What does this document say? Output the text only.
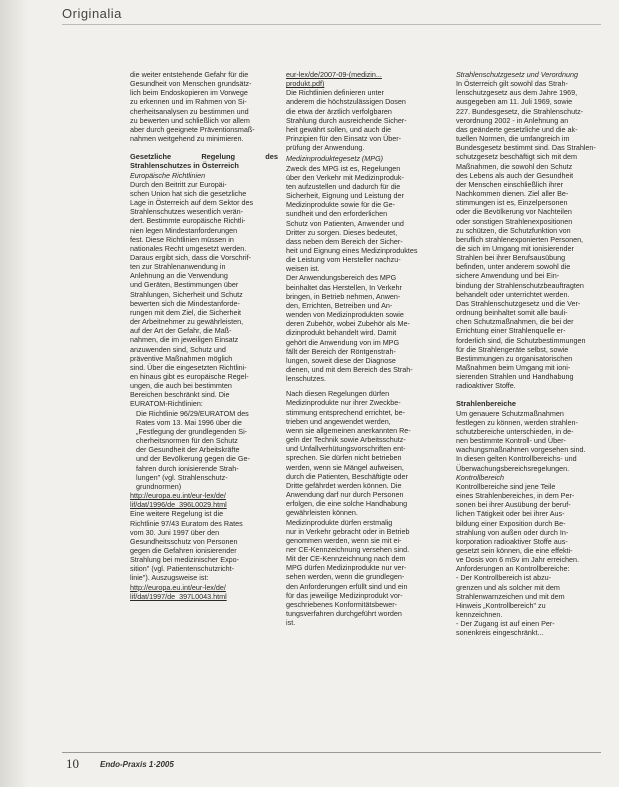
Originalia
die weiter entstehende Gefahr für die
Gesundheit von Menschen grundsätz-
lich beim Endoskopieren im Vorwege
zu erkennen und im Rahmen von Si-
cherheitsanalysen zu bestimmen und
zu bewerten und schließlich vor allem
aber durch geeignete Präventionsmaß-
nahmen weitgehend zu minimieren.
Gesetzliche Regelung des Strahlenschutzes in Österreich
Europäische Richtlinien
Durch den Beitritt zur Europäi-
schen Union hat sich die gesetzliche
Lage in Österreich auf dem Sektor des
Strahlenschutzes wesentlich verän-
dert. Bestimmte europäische Richtli-
nien legen Mindestanforderungen
fest. Diese Richtlinien müssen in
nationales Recht umgesetzt werden.
Daraus ergibt sich, dass die Vorschrif-
ten zur Strahlenanwendung in
Anlehnung an die Verwendung
und Geräten, Bestimmungen über
Strahlungen, Sicherheit und Schutz
bewerten sich die Mindestanforde-
rungen mit dem Ziel, die Sicherheit
der Arbeitnehmer zu gewährleisten,
auf der Art der Gefahr, die Maß-
nahmen, die im jeweiligen Einsatz
anzuwenden sind, Schutz und
präventive Maßnahmen möglich
sind. Über die eingesetzten Richtlini-
en hinaus gibt es europäische Regel-
ungen, die auch bei bestimmten
Bereichen beschränkt sind. Die
EURATOM-Richtlinien:
Die Richtlinie 96/29/EURATOM des
Rates vom 13. Mai 1996 über die
„Festlegung der grundlegenden Si-
cherheitsnormen für den Schutz
der Gesundheit der Arbeitskräfte
und der Bevölkerung gegen die Ge-
fahren durch ionisierende Strah-
lungen" (vgl. Strahlenschutz-
grundnormen)
http://europa.eu.int/eur-lex/de/
lif/dat/1996/de_396L0029.html
Eine weitere Regelung ist die
Richtlinie 97/43 Euratom des Rates
vom 30. Juni 1997 über den
Gesundheitsschutz von Personen
gegen die Gefahren ionisierender
Strahlung bei medizinischer Expo-
sition" (vgl. Patientenschutzricht-
linie"). Auszugsweise ist:
http://europa.eu.int/eur-lex/de/
lif/dat/1997/de_397L0043.html
eur-lex/de/2007-09-(medizin...
produkt.pdf)
Die Richtlinien definieren unter
anderem die höchstzulässigen Dosen
die etwa der ärztlich verfolgbaren
Strahlung durch ausreichende Sicher-
heit gewährt sollen, und auch die
Prinzipien für den Einsatz von Über-
prüfung der Anwendung.
Medizinproduktegesetz (MPG)
Zweck des MPG ist es, Regelungen
über den Verkehr mit Medizinproduk-
ten aufzustellen und dadurch für die
Sicherheit, Eignung und Leistung der
Medizinprodukte sowie für die Ge-
sundheit und den erforderlichen
Schutz von Patienten, Anwender und
Dritter zu sorgen. Dieses bedeutet,
dass neben dem Bereich der Sicher-
heit und Eignung eines Medizinproduktes
die Leistung vom Hersteller nachzu-
weisen ist.
Der Anwendungsbereich des MPG
beinhaltet das Herstellen, In Verkehr
bringen, in Betrieb nehmen, Anwen-
den, Errichten, Betreiben und An-
wenden von Medizinprodukten sowie
deren Zubehör, wobei Zubehör als Me-
dizinprodukt behandelt wird. Damit
gehört die Anwendung von im MPG
fällt der Bereich der Röntgenstrah-
lungen, soweit diese der Diagnose
dienen, und mit dem Bereich des Strah-
lenschutzes.
Nach diesen Regelungen dürfen
Medizinprodukte nur ihrer Zweckbe-
stimmung entsprechend errichtet, be-
trieben und angewendet werden,
wenn sie allgemeinen anerkannten Re-
geln der Technik sowie Arbeitsschutz-
und Unfallverhütungsvorschriften ent-
sprechen. Sie dürfen nicht betrieben
werden, wenn sie Mängel aufweisen,
durch die Patienten, Beschäftigte oder
Dritte gefährdet werden können. Die
Anwendung darf nur durch Personen
erfolgen, die eine solche Handhabung
gewährleisten können.
Medizinprodukte dürfen erstmalig
nur in Verkehr gebracht oder in Betrieb
genommen werden, wenn sie mit ei-
ner CE-Kennzeichnung versehen sind.
Mit der CE-Kennzeichnung nach dem
MPG dürfen Medizinprodukte nur ver-
sehen werden, wenn die grundlegen-
den Anforderungen erfüllt sind und ein
für das jeweilige Medizinprodukt vor-
geschriebenes Konformitätsbewer-
tungsverfahren durchgeführt worden
ist.
Strahlenschutzgesetz und Verordnung
In Österreich gilt sowohl das Strah-
lenschutzgesetz aus dem Jahre 1969,
ausgegeben am 11. Juli 1969, sowie
227. Bundesgesetz, die Strahlenschutz-
verordnung 2002 - in Anlehnung an
das geänderte gesetzliche und die ak-
tuellen Normen, die umfangreich im
Bundesgesetz bestimmt sind. Das Strahlen-
schutzgesetz beschäftigt sich mit dem
Maßnahmen, die sowohl den Schutz
des Lebens als auch der Gesundheit
der Menschen einschließlich ihrer
Nachkommen dienen. Ziel aller Be-
stimmungen ist es, Einzelpersonen
oder die Bevölkerung vor Nachteilen
oder sonstigen Strahlenexpositionen
zu schützen, die Schutzfunktion von
beruflich strahlenexponierten Personen,
die sich im Umgang mit ionisierender
Strahlen bei ihrer Berufsausübung
befinden, unter anderem sowohl die
sichere Anwendung und bei Ein-
bindung der Strahlenschutzbeauftragten
behandelt oder unterrichtet werden.
Das Strahlenschutzgesetz und die Ver-
ordnung beinhaltet somit alle bauli-
chen Schutzmaßnahmen, die bei der
Errichtung einer Strahlenquelle er-
forderlich sind, die Schutzbestimmungen
für die Strahlengeräte selbst, sowie
Bestimmungen zu organisatorischen
Maßnahmen beim Umgang mit ioni-
sierenden Strahlen und Handhabung
radioaktiver Stoffe.
Strahlenbereiche
Um genauere Schutzmaßnahmen
festlegen zu können, werden strahlen-
schutzbereiche unterschieden, in de-
nen bestimmte Kontroll- und Über-
wachungsmaßnahmen vorgesehen sind.
In diesen gelten Kontrollbereichs- und
Überwachungsbereichsregelungen.
Kontrollbereich
Kontrollbereiche sind jene Teile
eines Strahlenbereiches, in dem Per-
sonen bei ihrer Ausübung der beruf-
lichen Tätigkeit oder bei ihrer Aus-
bildung einer Exposition durch Be-
strahlung von außen oder durch In-
korporation radioaktiver Stoffe aus-
gesetzt sein können, die eine effekti-
ve Dosis von 6 mSv im Jahr erreichen.
Anforderungen an Kontrollbereiche:
- Der Kontrollbereich ist abzu-
grenzen und als solcher mit dem
Strahlenwarnzeichen und mit dem
Hinweis „Kontrollbereich" zu
kennzeichnen.
- Der Zugang ist auf einen Per-
sonenkreis eingeschränkt...
10	Endo-Praxis 1·2005
